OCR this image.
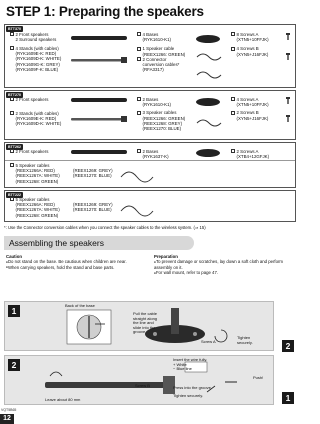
STEP 1: Preparing the speakers
BTT370
2 Front speakers
2 Surround speakers
4 Stands (with cables)
(RYK1609E-K: RED)
(RYK1609D-K: WHITE)
(RYK1609G-K: GREY)
(RYK1609F-K: BLUE)
4 Bases
(RYK1610-K1)
1 Speaker cable
(REEX1266: GREEN)
2 Connector
conversion cables*
(RFA3317)
8 Screws A
(XTN5+10FFJK)
4 Screws B
(XYN5+J16FJK)
BTT270
2 Front speakers
2 Stands (with cables)
(RYK1609E-K: RED)
(RYK1609D-K: WHITE)
2 Bases
(RYK1610-K1)
3 Speaker cables
(REEX1266: GREEN)
(REEX1268: GREY)
(REEX1270: BLUE)
4 Screws A
(XTN5+10FFJK)
2 Screws B
(XYN5+J16FJK)
BTT262
2 Front speakers	2 Bases
(RYK1637-K)
2 Screws A
(XTB4+12GFJK)
5 Speaker cables
(REEX1266A: RED)
(REEX1267A: WHITE)
(REEX1268: GREEN)
(REEX1269: GREY)
(REEX1270: BLUE)
BTT222
5 Speaker cables
(REEX1266A: RED)
(REEX1267A: WHITE)
(REEX1268: GREEN)
(REEX1269: GREY)
(REEX1270: BLUE)
*: Use the Connector conversion cables when you connect the speaker cables to the wireless system. (⇒ 15)
Assembling the speakers
Caution
● Do not stand on the base. Be cautious when children are near.
● When carrying speakers, hold the stand and base parts.
Preparation
● To prevent damage or scratches, lay down a soft cloth and perform assembly on it.
● For wall mount, refer to page 47.

1
Back of the base
Pull the cable
straight along
the line and
slide into the
groove.
Screw A
Tighten
securely.	2
2
Insert the wire fully.
+ White
− Blue line
Push!
Screw B	Press into the groove.
Tighten securely.
Leave about 80 mm	1
VQT5B65
12
